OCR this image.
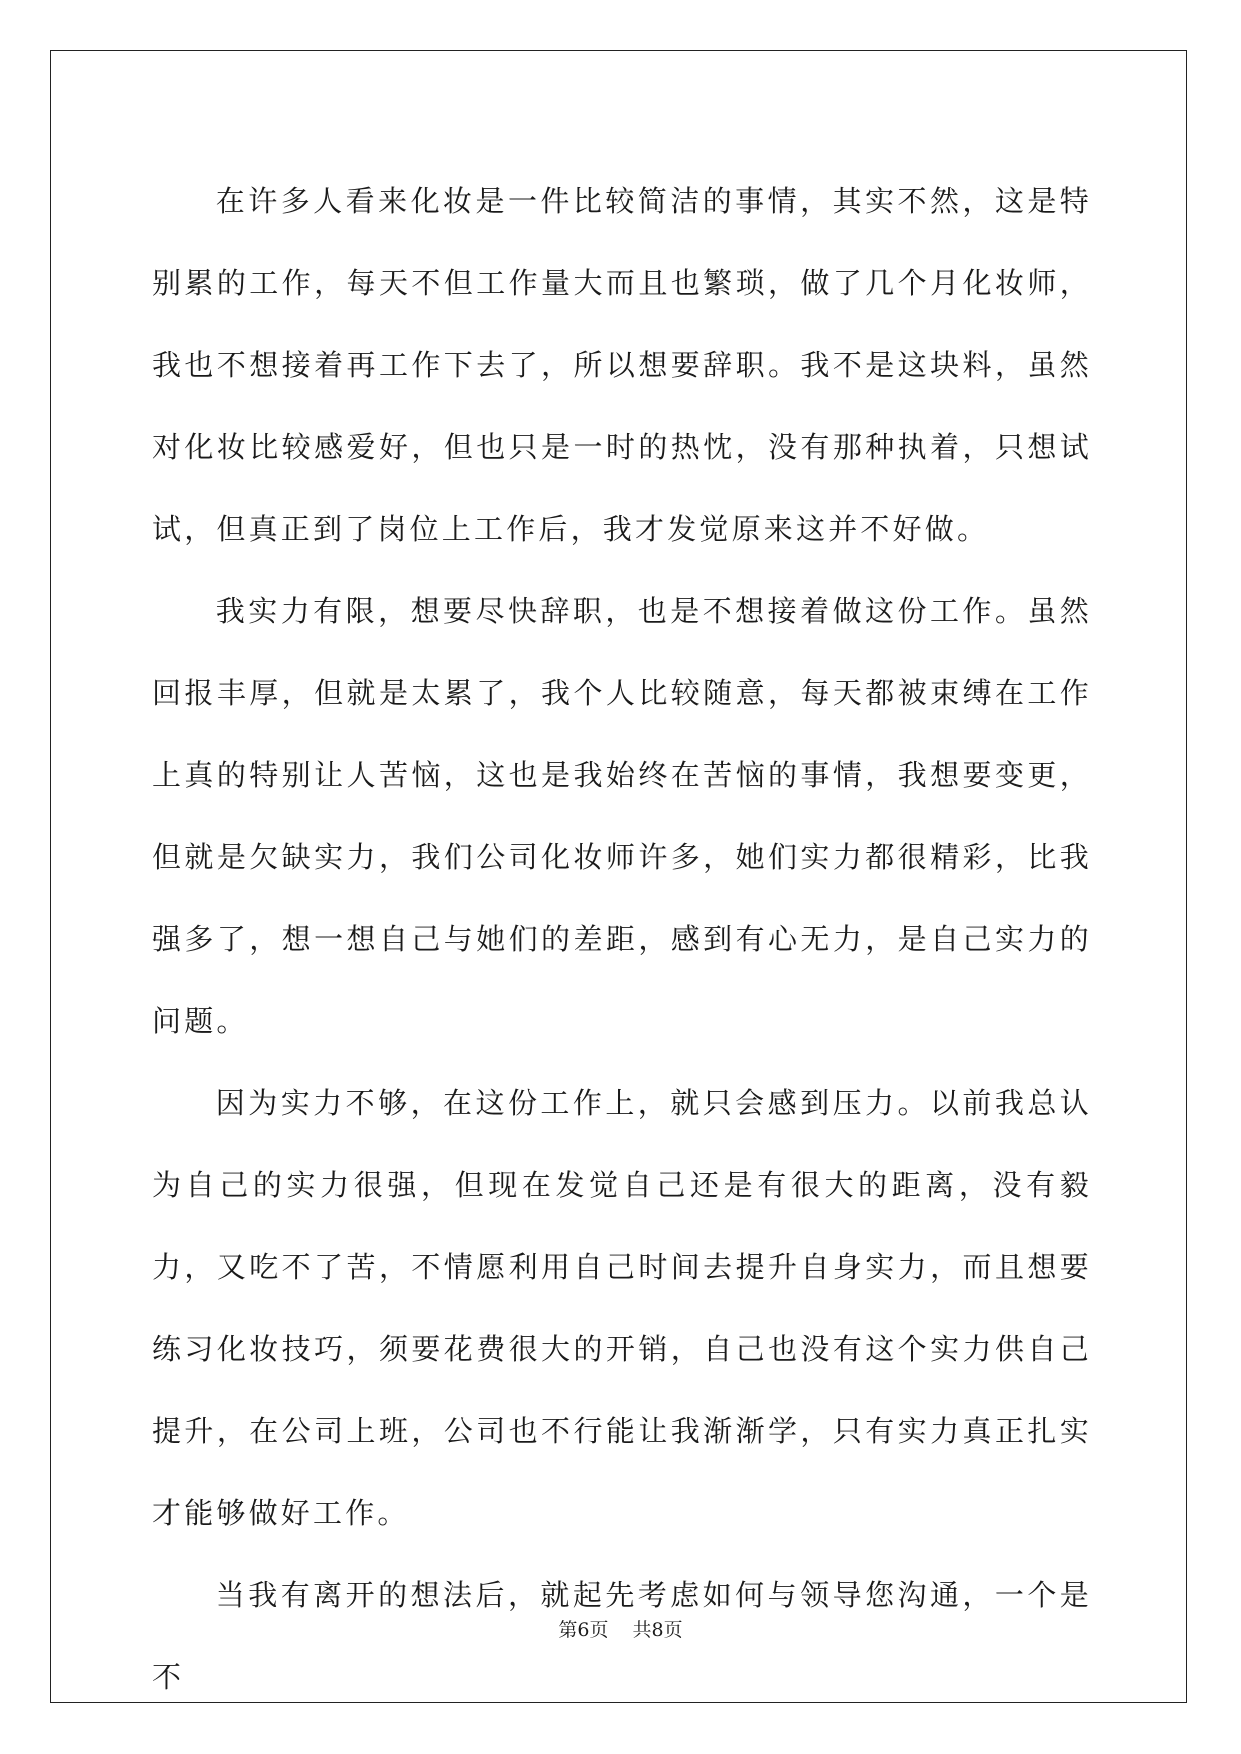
在许多人看来化妆是一件比较简洁的事情，其实不然，这是特别累的工作，每天不但工作量大而且也繁琐，做了几个月化妆师，我也不想接着再工作下去了，所以想要辞职。我不是这块料，虽然对化妆比较感爱好，但也只是一时的热忱，没有那种执着，只想试试，但真正到了岗位上工作后，我才发觉原来这并不好做。

我实力有限，想要尽快辞职，也是不想接着做这份工作。虽然回报丰厚，但就是太累了，我个人比较随意，每天都被束缚在工作上真的特别让人苦恼，这也是我始终在苦恼的事情，我想要变更，但就是欠缺实力，我们公司化妆师许多，她们实力都很精彩，比我强多了，想一想自己与她们的差距，感到有心无力，是自己实力的问题。

因为实力不够，在这份工作上，就只会感到压力。以前我总认为自己的实力很强，但现在发觉自己还是有很大的距离，没有毅力，又吃不了苦，不情愿利用自己时间去提升自身实力，而且想要练习化妆技巧，须要花费很大的开销，自己也没有这个实力供自己提升，在公司上班，公司也不行能让我渐渐学，只有实力真正扎实才能够做好工作。

当我有离开的想法后，就起先考虑如何与领导您沟通，一个是不

第6页 共8页
